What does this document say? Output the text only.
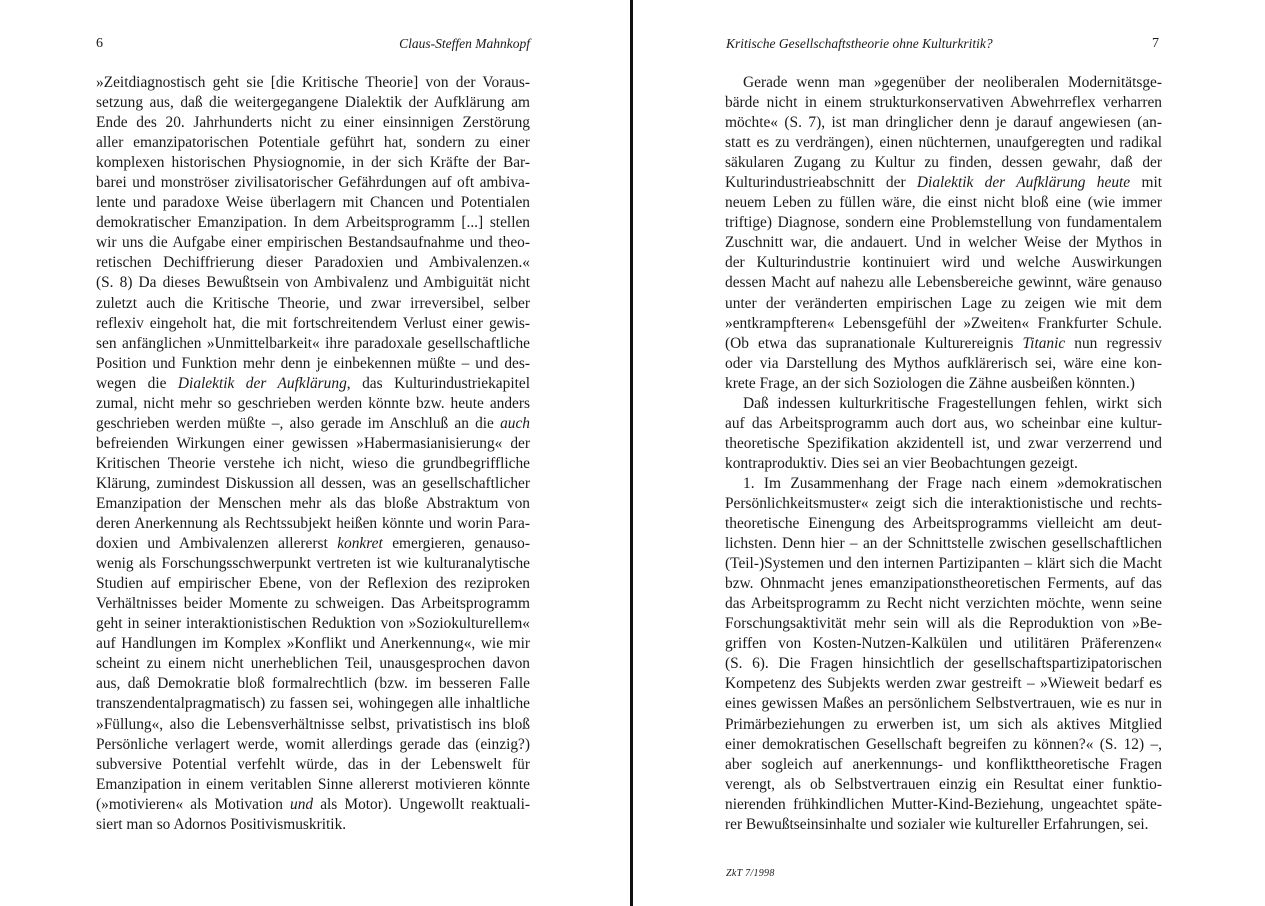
6	Claus-Steffen Mahnkopf
»Zeitdiagnostisch geht sie [die Kritische Theorie] von der Voraus-
setzung aus, daß die weitergegangene Dialektik der Aufklärung am
Ende des 20. Jahrhunderts nicht zu einer einsinnigen Zerstörung
aller emanzipatorischen Potentiale geführt hat, sondern zu einer
komplexen historischen Physiognomie, in der sich Kräfte der Bar-
barei und monströser zivilisatorischer Gefährdungen auf oft ambiva-
lente und paradoxe Weise überlagern mit Chancen und Potentialen
demokratischer Emanzipation. In dem Arbeitsprogramm [...] stellen
wir uns die Aufgabe einer empirischen Bestandsaufnahme und theo-
retischen Dechiffrierung dieser Paradoxien und Ambivalenzen.«
(S. 8) Da dieses Bewußtsein von Ambivalenz und Ambiguität nicht
zuletzt auch die Kritische Theorie, und zwar irreversibel, selber
reflexiv eingeholt hat, die mit fortschreitendem Verlust einer gewis-
sen anfänglichen »Unmittelbarkeit« ihre paradoxale gesellschaftliche
Position und Funktion mehr denn je einbekennen müßte – und des-
wegen die Dialektik der Aufklärung, das Kulturindustriekapitel
zumal, nicht mehr so geschrieben werden könnte bzw. heute anders
geschrieben werden müßte –, also gerade im Anschluß an die auch
befreienden Wirkungen einer gewissen »Habermasianisierung« der
Kritischen Theorie verstehe ich nicht, wieso die grundbegriffliche
Klärung, zumindest Diskussion all dessen, was an gesellschaftlicher
Emanzipation der Menschen mehr als das bloße Abstraktum von
deren Anerkennung als Rechtssubjekt heißen könnte und worin Para-
doxien und Ambivalenzen allererst konkret emergieren, genauso-
wenig als Forschungsschwerpunkt vertreten ist wie kulturanalytische
Studien auf empirischer Ebene, von der Reflexion des reziproken
Verhältnisses beider Momente zu schweigen. Das Arbeitsprogramm
geht in seiner interaktionistischen Reduktion von »Soziokulturellem«
auf Handlungen im Komplex »Konflikt und Anerkennung«, wie mir
scheint zu einem nicht unerheblichen Teil, unausgesprochen davon
aus, daß Demokratie bloß formalrechtlich (bzw. im besseren Falle
transzendentalpragmatisch) zu fassen sei, wohingegen alle inhaltliche
»Füllung«, also die Lebensverhältnisse selbst, privatistisch ins bloß
Persönliche verlagert werde, womit allerdings gerade das (einzig?)
subversive Potential verfehlt würde, das in der Lebenswelt für
Emanzipation in einem veritablen Sinne allererst motivieren könnte
(»motivieren« als Motivation und als Motor). Ungewollt reaktuali-
siert man so Adornos Positivismuskritik.
Kritische Gesellschaftstheorie ohne Kulturkritik?	7
Gerade wenn man »gegenüber der neoliberalen Modernitätsge-
bärde nicht in einem strukturkonservativen Abwehrreflex verharren
möchte« (S. 7), ist man dringlicher denn je darauf angewiesen (an-
statt es zu verdrängen), einen nüchternen, unaufgeregten und radikal
säkularen Zugang zu Kultur zu finden, dessen gewahr, daß der
Kulturindustrieabschnitt der Dialektik der Aufklärung heute mit
neuem Leben zu füllen wäre, die einst nicht bloß eine (wie immer
triftige) Diagnose, sondern eine Problemstellung von fundamentalem
Zuschnitt war, die andauert. Und in welcher Weise der Mythos in
der Kulturindustrie kontinuiert wird und welche Auswirkungen
dessen Macht auf nahezu alle Lebensbereiche gewinnt, wäre genauso
unter der veränderten empirischen Lage zu zeigen wie mit dem
»entkrampfteren« Lebensgefühl der »Zweiten« Frankfurter Schule.
(Ob etwa das supranationale Kulturereignis Titanic nun regressiv
oder via Darstellung des Mythos aufklärerisch sei, wäre eine kon-
krete Frage, an der sich Soziologen die Zähne ausbeißen könnten.)
Daß indessen kulturkritische Fragestellungen fehlen, wirkt sich
auf das Arbeitsprogramm auch dort aus, wo scheinbar eine kultur-
theoretische Spezifikation akzidentell ist, und zwar verzerrend und
kontraproduktiv. Dies sei an vier Beobachtungen gezeigt.
1. Im Zusammenhang der Frage nach einem »demokratischen
Persönlichkeitsmuster« zeigt sich die interaktionistische und rechts-
theoretische Einengung des Arbeitsprogramms vielleicht am deut-
lichsten. Denn hier – an der Schnittstelle zwischen gesellschaftlichen
(Teil-)Systemen und den internen Partizipanten – klärt sich die Macht
bzw. Ohnmacht jenes emanzipationstheoretischen Ferments, auf das
das Arbeitsprogramm zu Recht nicht verzichten möchte, wenn seine
Forschungsaktivität mehr sein will als die Reproduktion von »Be-
griffen von Kosten-Nutzen-Kalkülen und utilitären Präferenzen«
(S. 6). Die Fragen hinsichtlich der gesellschaftspartizipatorischen
Kompetenz des Subjekts werden zwar gestreift – »Wieweit bedarf es
eines gewissen Maßes an persönlichem Selbstvertrauen, wie es nur in
Primärbeziehungen zu erwerben ist, um sich als aktives Mitglied
einer demokratischen Gesellschaft begreifen zu können?« (S. 12) –,
aber sogleich auf anerkennungs- und konflikttheoretische Fragen
verengt, als ob Selbstvertrauen einzig ein Resultat einer funktio-
nierenden frühkindlichen Mutter-Kind-Beziehung, ungeachtet späte-
rer Bewußtseinsinhalte und sozialer wie kultureller Erfahrungen, sei.
ZkT 7/1998
